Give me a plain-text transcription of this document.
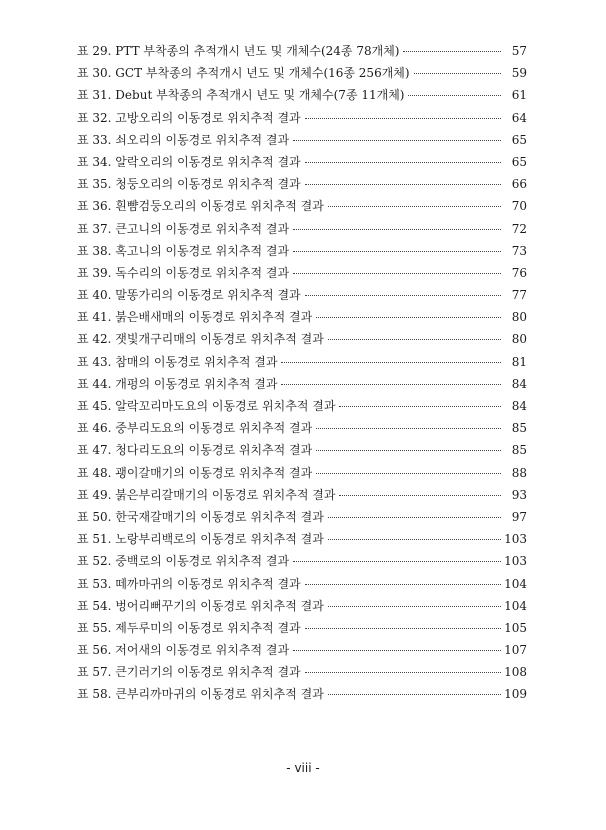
표 29. PTT 부착종의 추적개시 년도 및 개체수(24종 78개체)	57
표 30. GCT 부착종의 추적개시 년도 및 개체수(16종 256개체)	59
표 31. Debut 부착종의 추적개시 년도 및 개체수(7종 11개체)	61
표 32. 고방오리의 이동경로 위치추적 결과	64
표 33. 쇠오리의 이동경로 위치추적 결과	65
표 34. 알락오리의 이동경로 위치추적 결과	65
표 35. 청둥오리의 이동경로 위치추적 결과	66
표 36. 흰뺨검둥오리의 이동경로 위치추적 결과	70
표 37. 큰고니의 이동경로 위치추적 결과	72
표 38. 혹고니의 이동경로 위치추적 결과	73
표 39. 독수리의 이동경로 위치추적 결과	76
표 40. 말똥가리의 이동경로 위치추적 결과	77
표 41. 붉은배새매의 이동경로 위치추적 결과	80
표 42. 잿빛개구리매의 이동경로 위치추적 결과	80
표 43. 참매의 이동경로 위치추적 결과	81
표 44. 개펑의 이동경로 위치추적 결과	84
표 45. 알락꼬리마도요의 이동경로 위치추적 결과	84
표 46. 중부리도요의 이동경로 위치추적 결과	85
표 47. 청다리도요의 이동경로 위치추적 결과	85
표 48. 괭이갈매기의 이동경로 위치추적 결과	88
표 49. 붉은부리갈매기의 이동경로 위치추적 결과	93
표 50. 한국재갈매기의 이동경로 위치추적 결과	97
표 51. 노랑부리백로의 이동경로 위치추적 결과	103
표 52. 중백로의 이동경로 위치추적 결과	103
표 53. 떼까마귀의 이동경로 위치추적 결과	104
표 54. 벙어리뻐꾸기의 이동경로 위치추적 결과	104
표 55. 제두루미의 이동경로 위치추적 결과	105
표 56. 저어새의 이동경로 위치추적 결과	107
표 57. 큰기러기의 이동경로 위치추적 결과	108
표 58. 큰부리까마귀의 이동경로 위치추적 결과	109
- viii -
